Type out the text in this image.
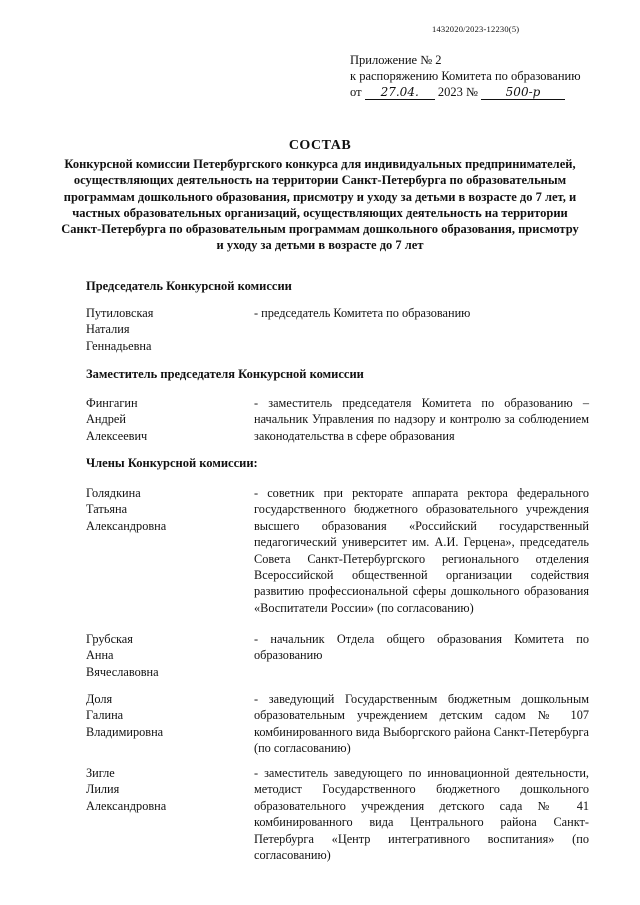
1432020/2023-12230(5)
Приложение № 2
к распоряжению Комитета по образованию
от 27.04. 2023 № 500-р
СОСТАВ
Конкурсной комиссии Петербургского конкурса для индивидуальных предпринимателей, осуществляющих деятельность на территории Санкт-Петербурга по образовательным программам дошкольного образования, присмотру и уходу за детьми в возрасте до 7 лет, и частных образовательных организаций, осуществляющих деятельность на территории Санкт-Петербурга по образовательным программам дошкольного образования, присмотру и уходу за детьми в возрасте до 7 лет
Председатель Конкурсной комиссии
Путиловская
Наталия
Геннадьевна
- председатель Комитета по образованию
Заместитель председателя Конкурсной комиссии
Фингагин
Андрей
Алексеевич
- заместитель председателя Комитета по образованию – начальник Управления по надзору и контролю за соблюдением законодательства в сфере образования
Члены Конкурсной комиссии:
Голядкина
Татьяна
Александровна
- советник при ректорате аппарата ректора федерального государственного бюджетного образовательного учреждения высшего образования «Российский государственный педагогический университет им. А.И. Герцена», председатель Совета Санкт-Петербургского регионального отделения Всероссийской общественной организации содействия развитию профессиональной сферы дошкольного образования «Воспитатели России» (по согласованию)
Грубская
Анна
Вячеславовна
- начальник Отдела общего образования Комитета по образованию
Доля
Галина
Владимировна
- заведующий Государственным бюджетным дошкольным образовательным учреждением детским садом № 107 комбинированного вида Выборгского района Санкт-Петербурга (по согласованию)
Зигле
Лилия
Александровна
- заместитель заведующего по инновационной деятельности, методист Государственного бюджетного дошкольного образовательного учреждения детского сада № 41 комбинированного вида Центрального района Санкт-Петербурга «Центр интегративного воспитания» (по согласованию)
